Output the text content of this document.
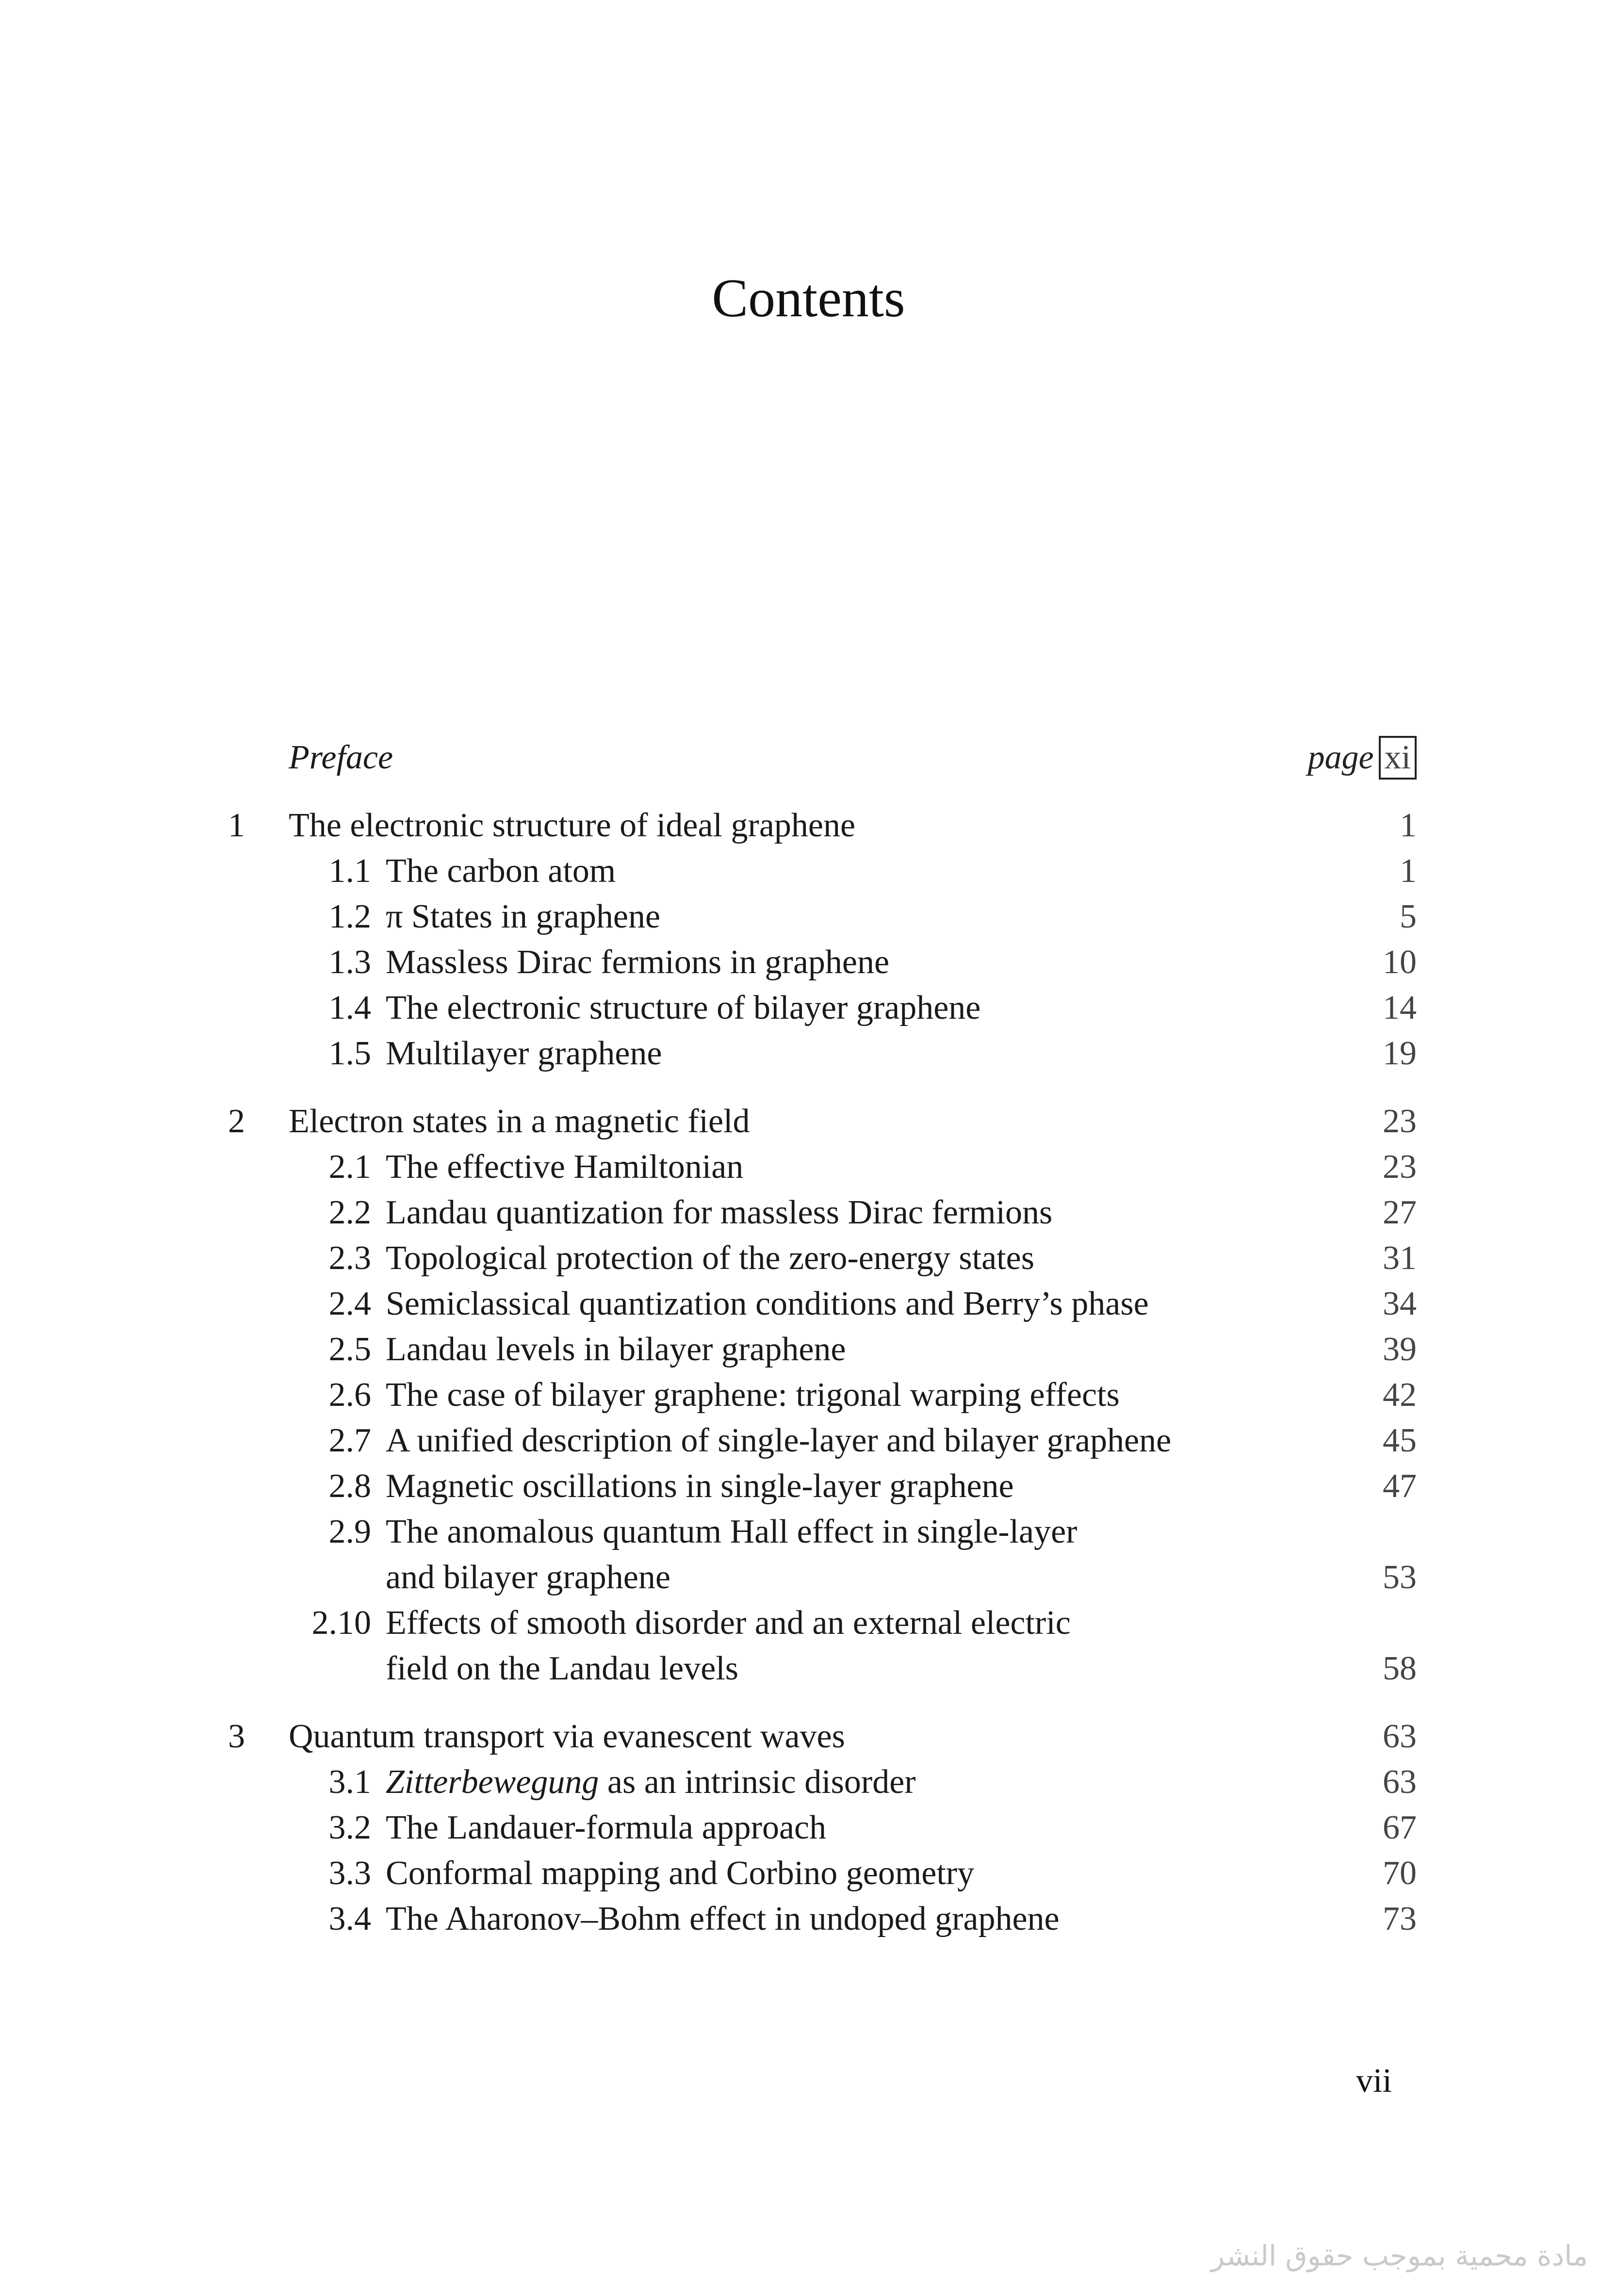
Contents
Preface	page xi
1 The electronic structure of ideal graphene	1
1.1 The carbon atom	1
1.2 π States in graphene	5
1.3 Massless Dirac fermions in graphene	10
1.4 The electronic structure of bilayer graphene	14
1.5 Multilayer graphene	19
2 Electron states in a magnetic field	23
2.1 The effective Hamiltonian	23
2.2 Landau quantization for massless Dirac fermions	27
2.3 Topological protection of the zero-energy states	31
2.4 Semiclassical quantization conditions and Berry’s phase	34
2.5 Landau levels in bilayer graphene	39
2.6 The case of bilayer graphene: trigonal warping effects	42
2.7 A unified description of single-layer and bilayer graphene	45
2.8 Magnetic oscillations in single-layer graphene	47
2.9 The anomalous quantum Hall effect in single-layer
and bilayer graphene	53
2.10 Effects of smooth disorder and an external electric
field on the Landau levels	58
3 Quantum transport via evanescent waves	63
3.1 Zitterbewegung as an intrinsic disorder	63
3.2 The Landauer-formula approach	67
3.3 Conformal mapping and Corbino geometry	70
3.4 The Aharonov–Bohm effect in undoped graphene	73
vii
مادة محمية بموجب حقوق النشر
